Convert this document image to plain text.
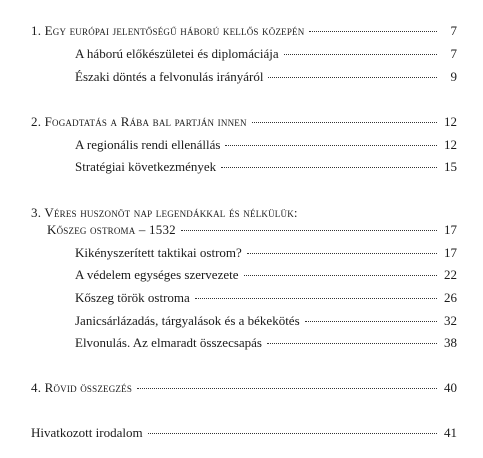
1. Egy európai jelentőségű háború kellős közepén	7
A háború előkészületei és diplomáciája	7
Északi döntés a felvonulás irányáról	9
2. Fogadtatás a Rába bal partján innen	12
A regionális rendi ellenállás	12
Stratégiai következmények	15
3. Véres huszonöt nap legendákkal és nélkülük:
Kőszeg ostroma – 1532	17
Kikényszerített taktikai ostrom?	17
A védelem egységes szervezete	22
Kőszeg török ostroma	26
Janicsárlázadás, tárgyalások és a békekötés	32
Elvonulás. Az elmaradt összecsapás	38
4. Rövid összegzés	40
Hivatkozott irodalom	41
